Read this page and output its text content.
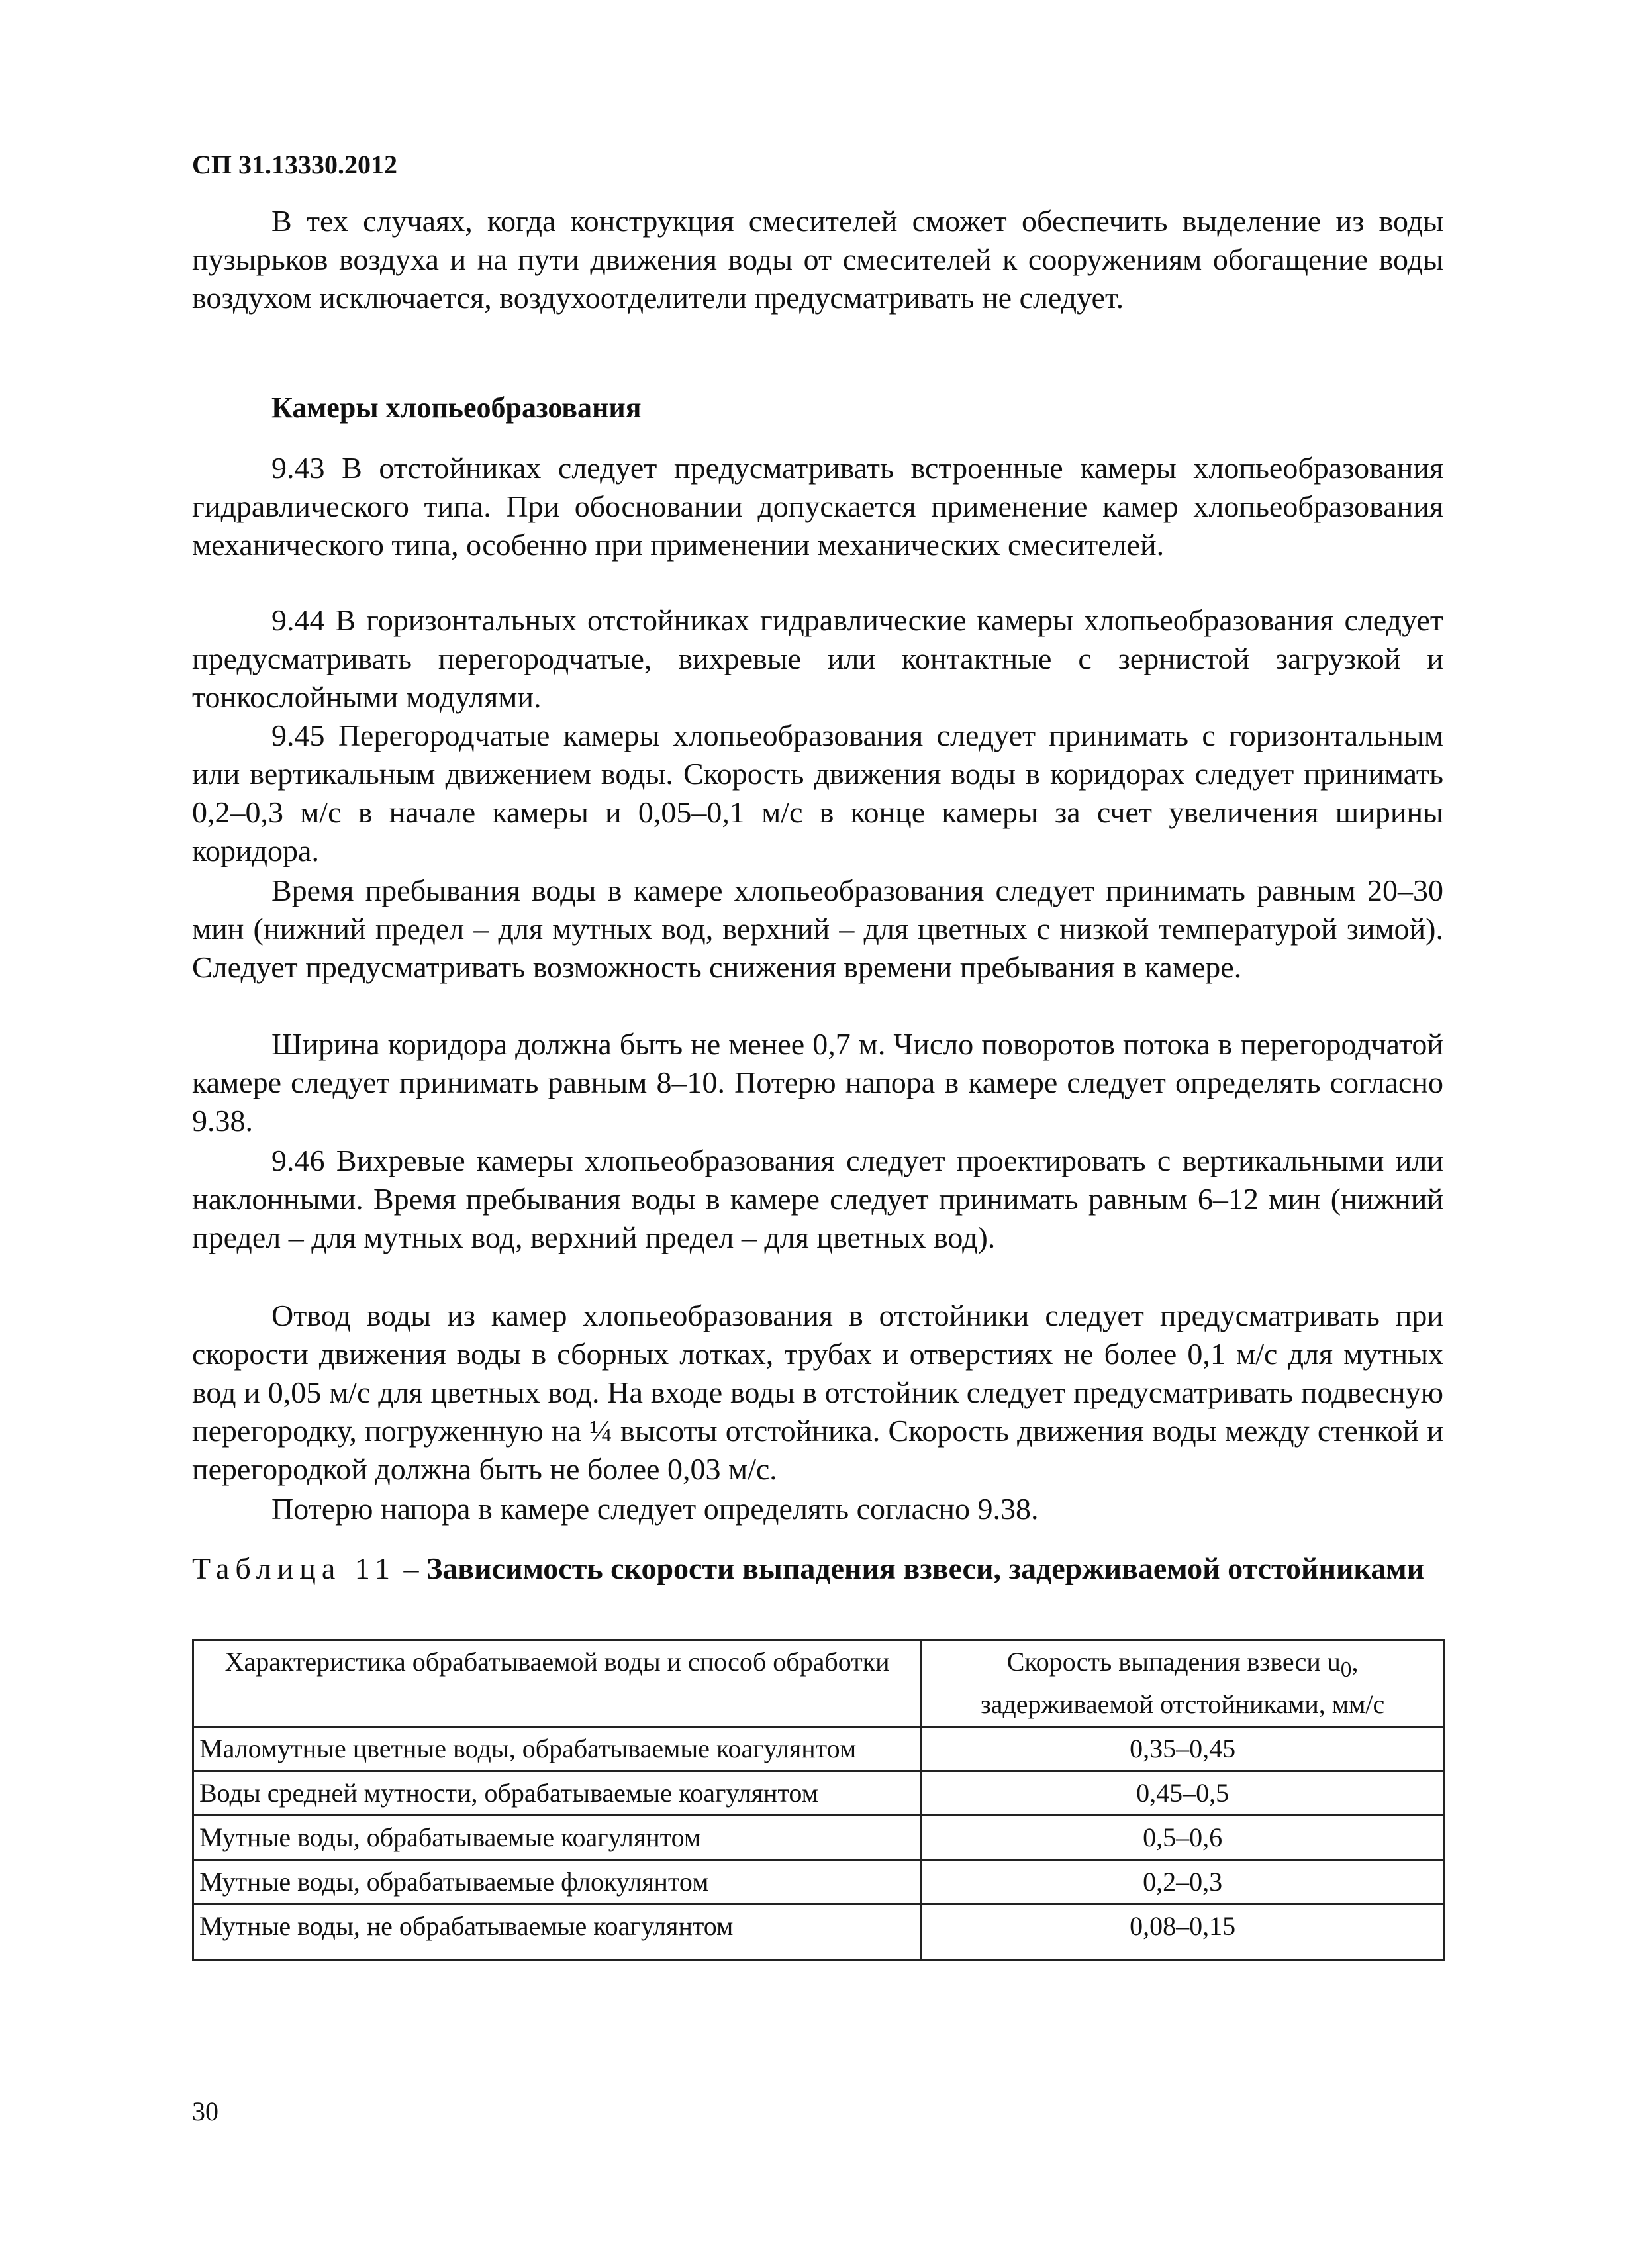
СП 31.13330.2012

В тех случаях, когда конструкция смесителей сможет обеспечить выделение из воды пузырьков воздуха и на пути движения воды от смесителей к сооружениям обогащение воды воздухом исключается, воздухоотделители предусматривать не следует.

Камеры хлопьеобразования

9.43 В отстойниках следует предусматривать встроенные камеры хлопьеобразования гидравлического типа. При обосновании допускается применение камер хлопьеобразования механического типа, особенно при применении механических смесителей.

9.44 В горизонтальных отстойниках гидравлические камеры хлопьеобразования следует предусматривать перегородчатые, вихревые или контактные с зернистой загрузкой и тонкослойными модулями.

9.45 Перегородчатые камеры хлопьеобразования следует принимать с горизонтальным или вертикальным движением воды. Скорость движения воды в коридорах следует принимать 0,2–0,3 м/с в начале камеры и 0,05–0,1 м/с в конце камеры за счет увеличения ширины коридора.

Время пребывания воды в камере хлопьеобразования следует принимать равным 20–30 мин (нижний предел – для мутных вод, верхний – для цветных с низкой температурой зимой). Следует предусматривать возможность снижения времени пребывания в камере.

Ширина коридора должна быть не менее 0,7 м. Число поворотов потока в перегородчатой камере следует принимать равным 8–10. Потерю напора в камере следует определять согласно 9.38.

9.46 Вихревые камеры хлопьеобразования следует проектировать с вертикальными или наклонными. Время пребывания воды в камере следует принимать равным 6–12 мин (нижний предел – для мутных вод, верхний предел – для цветных вод).

Отвод воды из камер хлопьеобразования в отстойники следует предусматривать при скорости движения воды в сборных лотках, трубах и отверстиях не более 0,1 м/с для мутных вод и 0,05 м/с для цветных вод. На входе воды в отстойник следует предусматривать подвесную перегородку, погруженную на ¼ высоты отстойника. Скорость движения воды между стенкой и перегородкой должна быть не более 0,03 м/с.

Потерю напора в камере следует определять согласно 9.38.

Таблица 11 – Зависимость скорости выпадения взвеси, задерживаемой отстойниками

Характеристика обрабатываемой воды и способ обработки	Скорость выпадения взвеси $u_0$, задерживаемой отстойниками, мм/с
Маломутные цветные воды, обрабатываемые коагулянтом	0,35–0,45
Воды средней мутности, обрабатываемые коагулянтом	0,45–0,5
Мутные воды, обрабатываемые коагулянтом	0,5–0,6
Мутные воды, обрабатываемые флокулянтом	0,2–0,3
Мутные воды, не обрабатываемые коагулянтом	0,08–0,15
30
